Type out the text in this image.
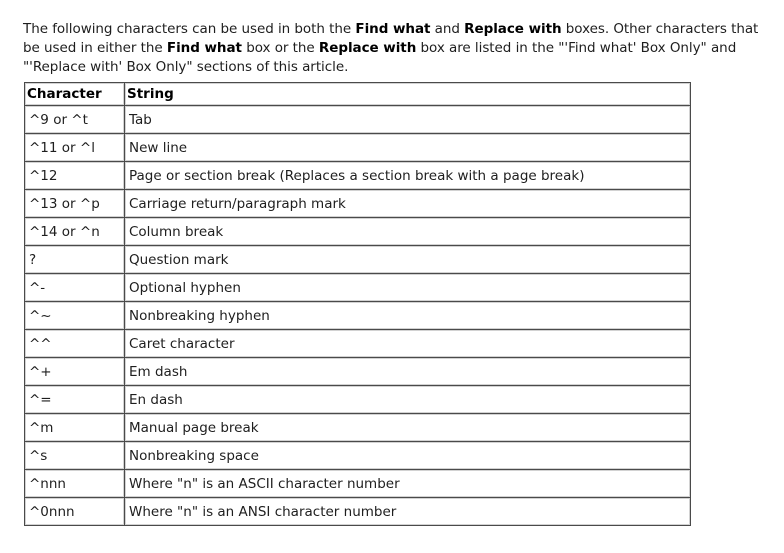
The following characters can be used in both the Find what and Replace with boxes. Other characters that be used in either the Find what box or the Replace with box are listed in the "'Find what' Box Only" and "'Replace with' Box Only" sections of this article.

Character	String
^9 or ^t	Tab
^11 or ^l	New line
^12	Page or section break (Replaces a section break with a page break)
^13 or ^p	Carriage return/paragraph mark
^14 or ^n	Column break
?	Question mark
^-	Optional hyphen
^~	Nonbreaking hyphen
^^	Caret character
^+	Em dash
^=	En dash
^m	Manual page break
^s	Nonbreaking space
^nnn	Where "n" is an ASCII character number
^0nnn	Where "n" is an ANSI character number
